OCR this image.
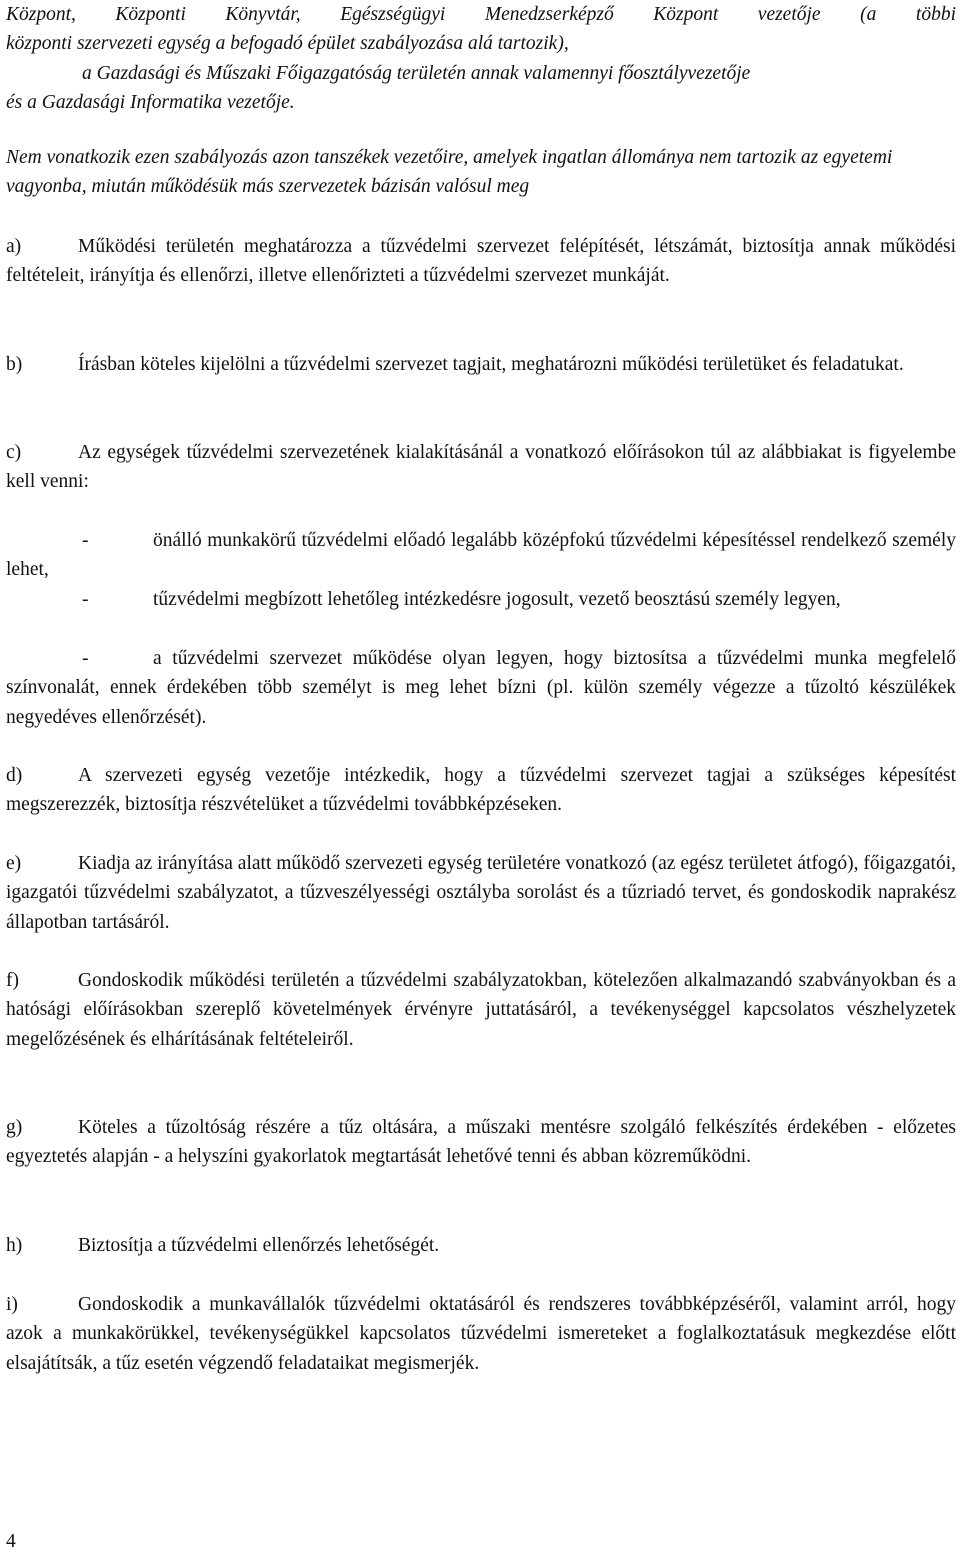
Központ, Központi Könyvtár, Egészségügyi Menedzserképző Központ vezetője (a többi

központi szervezeti egység a befogadó épület szabályozása alá tartozik),

a Gazdasági és Műszaki Főigazgatóság területén annak valamennyi főosztályvezetője

és a Gazdasági Informatika vezetője.

Nem vonatkozik ezen szabályozás azon tanszékek vezetőire, amelyek ingatlan állománya nem tartozik az egyetemi vagyonba, miután működésük más szervezetek bázisán valósul meg

a)	Működési területén meghatározza a tűzvédelmi szervezet felépítését, létszámát, biztosítja annak működési feltételeit, irányítja és ellenőrzi, illetve ellenőrizteti a tűzvédelmi szervezet munkáját.
b)	Írásban köteles kijelölni a tűzvédelmi szervezet tagjait, meghatározni működési területüket és feladatukat.
c)	Az egységek tűzvédelmi szervezetének kialakításánál a vonatkozó előírásokon túl az alábbiakat is figyelembe kell venni:
-	önálló munkakörű tűzvédelmi előadó legalább középfokú tűzvédelmi képesítéssel rendelkező személy lehet,
-	tűzvédelmi megbízott lehetőleg intézkedésre jogosult, vezető beosztású személy legyen,
-	a tűzvédelmi szervezet működése olyan legyen, hogy biztosítsa a tűzvédelmi munka megfelelő színvonalát, ennek érdekében több személyt is meg lehet bízni (pl. külön személy végezze a tűzoltó készülékek negyedéves ellenőrzését).
d)	A szervezeti egység vezetője intézkedik, hogy a tűzvédelmi szervezet tagjai a szükséges képesítést megszerezzék, biztosítja részvételüket a tűzvédelmi továbbképzéseken.
e)	Kiadja az irányítása alatt működő szervezeti egység területére vonatkozó (az egész területet átfogó), főigazgatói, igazgatói tűzvédelmi szabályzatot, a tűzveszélyességi osztályba sorolást és a tűzriadó tervet, és gondoskodik naprakész állapotban tartásáról.
f)	Gondoskodik működési területén a tűzvédelmi szabályzatokban, kötelezően alkalmazandó szabványokban és a hatósági előírásokban szereplő követelmények érvényre juttatásáról, a tevékenységgel kapcsolatos vészhelyzetek megelőzésének és elhárításának feltételeiről.
g)	Köteles a tűzoltóság részére a tűz oltására, a műszaki mentésre szolgáló felkészítés érdekében - előzetes egyeztetés alapján - a helyszíni gyakorlatok megtartását lehetővé tenni és abban közreműködni.
h)	Biztosítja a tűzvédelmi ellenőrzés lehetőségét.
i)	Gondoskodik a munkavállalók tűzvédelmi oktatásáról és rendszeres továbbképzéséről, valamint arról, hogy azok a munkakörükkel, tevékenységükkel kapcsolatos tűzvédelmi ismereteket a foglalkoztatásuk megkezdése előtt elsajátítsák, a tűz esetén végzendő feladataikat megismerjék.

4
